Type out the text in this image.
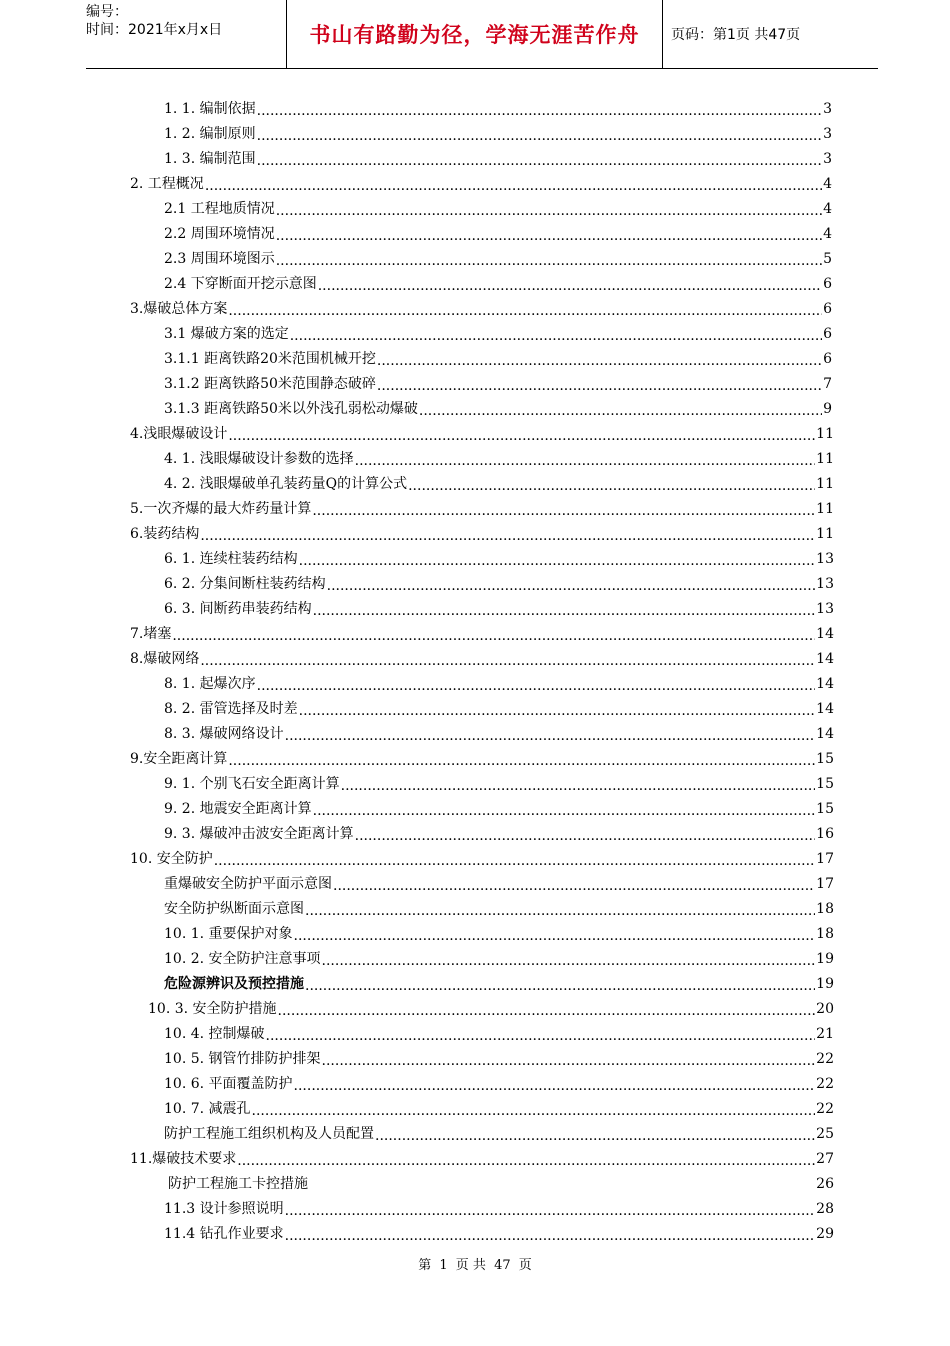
编号：
时间：2021年x月x日	书山有路勤为径，学海无涯苦作舟	页码：第1页 共47页
1. 1. 编制依据 .....	3
1. 2. 编制原则 .....	3
1. 3. 编制范围 .....	3
2. 工程概况 .....	4
2.1 工程地质情况 .....	4
2.2 周围环境情况 .....	4
2.3 周围环境图示 .....	5
2.4 下穿断面开挖示意图 .....	6
3.爆破总体方案 .....	6
3.1 爆破方案的选定 .....	6
3.1.1 距离铁路20米范围机械开挖 .....	6
3.1.2 距离铁路50米范围静态破碎 .....	7
3.1.3 距离铁路50米以外浅孔弱松动爆破 .....	9
4.浅眼爆破设计 .....	11
4. 1. 浅眼爆破设计参数的选择 .....	11
4. 2. 浅眼爆破单孔装药量Q的计算公式 .....	11
5.一次齐爆的最大炸药量计算 .....	11
6.装药结构 .....	11
6. 1. 连续柱装药结构 .....	13
6. 2. 分集间断柱装药结构 .....	13
6. 3. 间断药串装药结构 .....	13
7.堵塞 .....	14
8.爆破网络 .....	14
8. 1. 起爆次序 .....	14
8. 2. 雷管选择及时差 .....	14
8. 3. 爆破网络设计 .....	14
9.安全距离计算 .....	15
9. 1. 个别飞石安全距离计算 .....	15
9. 2. 地震安全距离计算 .....	15
9. 3. 爆破冲击波安全距离计算 .....	16
10. 安全防护 .....	17
重爆破安全防护平面示意图 .....	17
安全防护纵断面示意图 .....	18
10. 1. 重要保护对象 .....	18
10. 2. 安全防护注意事项 .....	19
危险源辨识及预控措施 .....	19
10. 3. 安全防护措施 .....	20
10. 4. 控制爆破 .....	21
10. 5. 钢管竹排防护排架 .....	22
10. 6. 平面覆盖防护 .....	22
10. 7. 减震孔 .....	22
防护工程施工组织机构及人员配置 .....	25
11.爆破技术要求 .....	27
防护工程施工卡控措施	26
11.3 设计参照说明 .....	28
11.4 钻孔作业要求 .....	29
第 1 页 共 47 页
